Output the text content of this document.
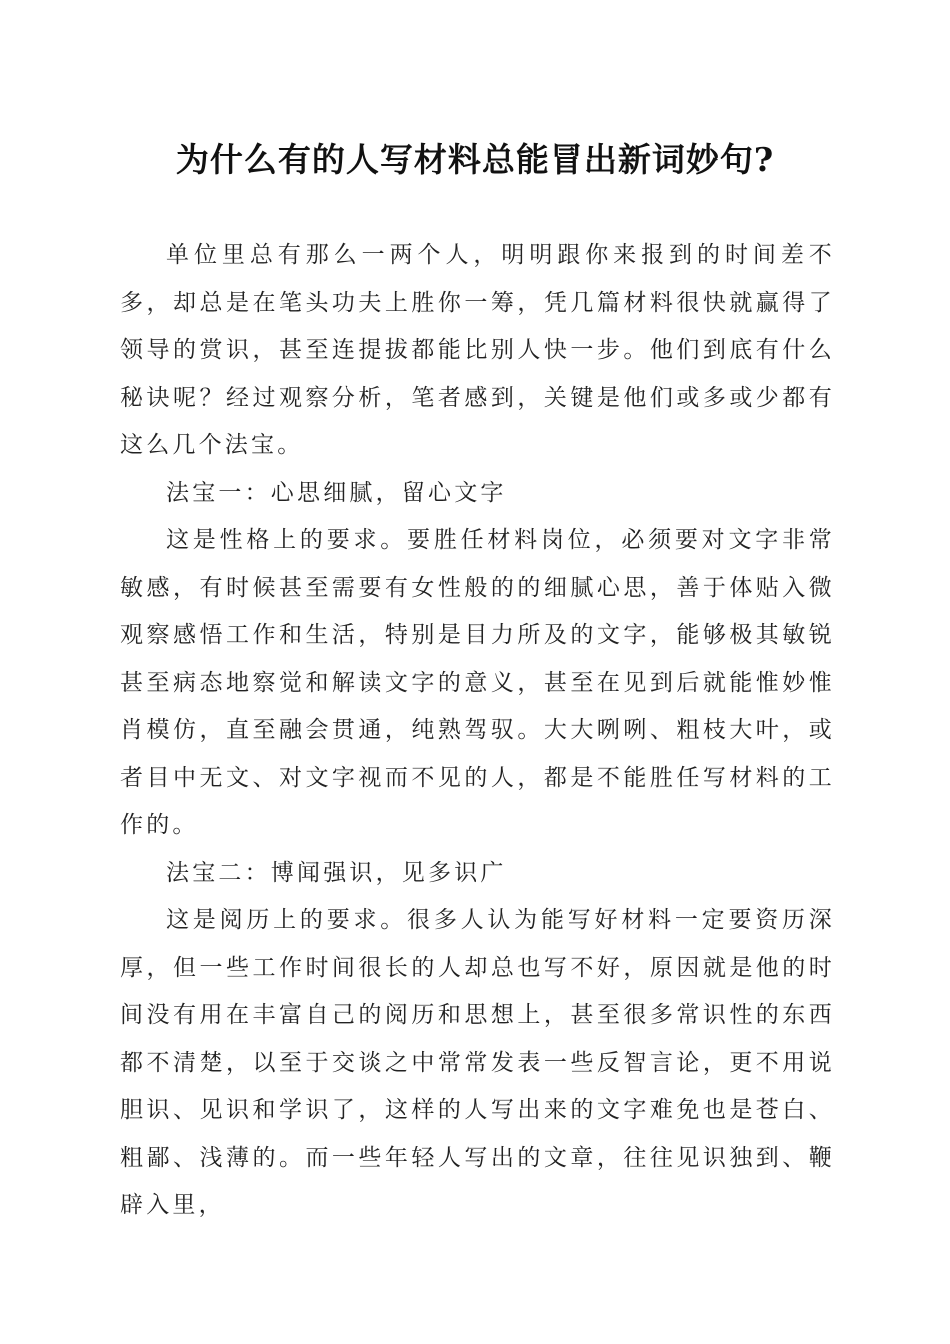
为什么有的人写材料总能冒出新词妙句?

单位里总有那么一两个人，明明跟你来报到的时间差不多，却总是在笔头功夫上胜你一筹，凭几篇材料很快就赢得了领导的赏识，甚至连提拔都能比别人快一步。他们到底有什么秘诀呢？经过观察分析，笔者感到，关键是他们或多或少都有这么几个法宝。

法宝一：心思细腻，留心文字

这是性格上的要求。要胜任材料岗位，必须要对文字非常敏感，有时候甚至需要有女性般的的细腻心思，善于体贴入微观察感悟工作和生活，特别是目力所及的文字，能够极其敏锐甚至病态地察觉和解读文字的意义，甚至在见到后就能惟妙惟肖模仿，直至融会贯通，纯熟驾驭。大大咧咧、粗枝大叶，或者目中无文、对文字视而不见的人，都是不能胜任写材料的工作的。

法宝二：博闻强识，见多识广

这是阅历上的要求。很多人认为能写好材料一定要资历深厚，但一些工作时间很长的人却总也写不好，原因就是他的时间没有用在丰富自己的阅历和思想上，甚至很多常识性的东西都不清楚，以至于交谈之中常常发表一些反智言论，更不用说胆识、见识和学识了，这样的人写出来的文字难免也是苍白、粗鄙、浅薄的。而一些年轻人写出的文章，往往见识独到、鞭辟入里，
